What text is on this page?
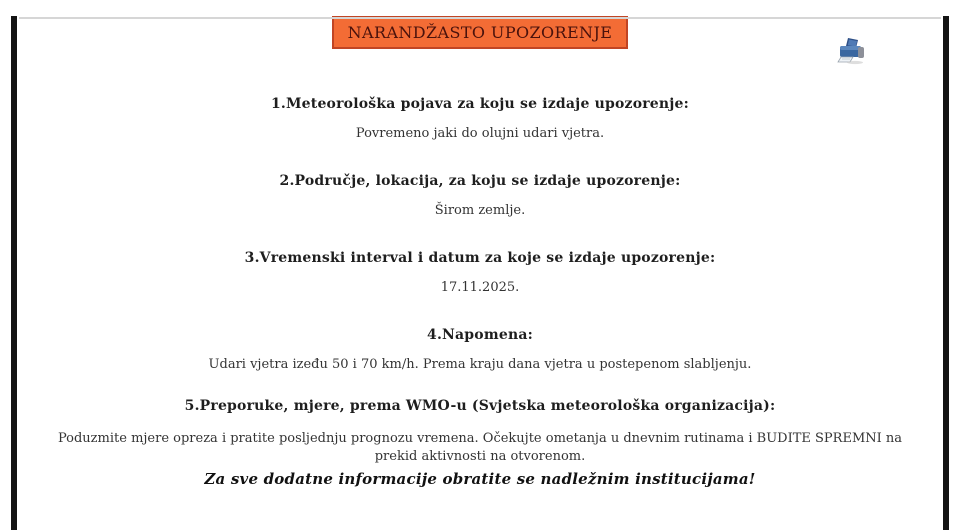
NARANDŽASTO UPOZORENJE
1.Meteorološka pojava za koju se izdaje upozorenje:
Povremeno jaki do olujni udari vjetra.
2.Područje, lokacija, za koju se izdaje upozorenje:
Širom zemlje.
3.Vremenski interval i datum za koje se izdaje upozorenje:
17.11.2025.
4.Napomena:
Udari vjetra izeđu 50 i 70 km/h. Prema kraju dana vjetra u postepenom slabljenju.
5.Preporuke, mjere, prema WMO-u (Svjetska meteorološka organizacija):
Poduzmite mjere opreza i pratite posljednju prognozu vremena. Očekujte ometanja u dnevnim rutinama i BUDITE SPREMNI na prekid aktivnosti na otvorenom.
Za sve dodatne informacije obratite se nadležnim institucijama!
